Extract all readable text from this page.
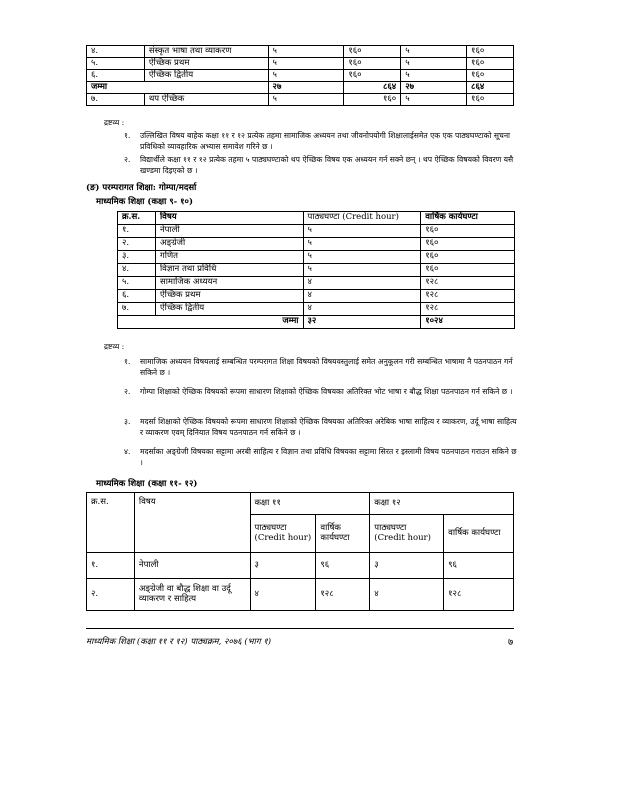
४.	संस्कृत भाषा तथा व्याकरण	५	१६०	५	१६०
५.	ऐच्छिक प्रथम	५	१६०	५	१६०
६.	ऐच्छिक द्वितीय	५	१६०	५	१६०
जम्मा		२७	८६४	२७	८६४
७.	थप ऐच्छिक	५	१६०	५	१६०
द्रष्टव्य :
१. उल्लिखित विषय बाहेक कक्षा ११ र १२ प्रत्येक तहमा सामाजिक अध्ययन तथा जीवनोपयोगी शिक्षालाईसमेत एक एक पाठ्यघण्टाको सूचना प्रविधिको व्यावहारिक अभ्यास समावेश गरिने छ ।
२. विद्यार्थीले कक्षा ११ र १२ प्रत्येक तहमा ५ पाठ्यघण्टाको थप ऐच्छिक विषय एक अध्ययन गर्न सक्ने छन् । थप ऐच्छिक विषयको विवरण यसै खण्डमा दिइएको छ ।
(ङ) परम्परागत शिक्षा: गोम्पा/मदर्सा
माध्यमिक शिक्षा (कक्षा ९- १०)
क्र.स.	विषय	पाठ्यघण्टा (Credit hour)	वार्षिक कार्यघण्टा
१.	नेपाली	५	१६०
२.	अङ्ग्रेजी	५	१६०
३.	गणित	५	१६०
४.	विज्ञान तथा प्रविधि	५	१६०
५.	सामाजिक अध्ययन	४	१२८
६.	ऐच्छिक प्रथम	४	१२८
७.	ऐच्छिक द्वितीय	४	१२८
जम्मा		३२	१०२४
द्रष्टव्य :
१. सामाजिक अध्ययन विषयलाई सम्बन्धित परम्परागत शिक्षा विषयको विषयवस्तुलाई समेत अनुकूलन गरी सम्बन्धित भाषामा नै पठनपाठन गर्न सकिने छ ।
२. गोम्पा शिक्षाको ऐच्छिक विषयको रूपमा साधारण शिक्षाको ऐच्छिक विषयका अतिरिक्त भोट भाषा र बौद्ध शिक्षा पठनपाठन गर्न सकिने छ ।
३. मदर्सा शिक्षाको ऐच्छिक विषयको रूपमा साधारण शिक्षाको ऐच्छिक विषयका अतिरिक्त अरेबिक भाषा साहित्य र व्याकरण, उर्दू भाषा साहित्य र व्याकरण एवम् दिनियात विषय पठनपाठन गर्न सकिने छ ।
४. मदर्साका अङ्ग्रेजी विषयका सट्टामा अरबी साहित्य र विज्ञान तथा प्रविधि विषयका सट्टामा सिरत र इस्लामी विषय पठनपाठन गराउन सकिने छ ।
माध्यमिक शिक्षा (कक्षा ११- १२)
क्र.स.	विषय	कक्षा ११		कक्षा १२	
		पाठ्यघण्टा (Credit hour)	वार्षिक कार्यघण्टा	पाठ्यघण्टा (Credit hour)	वार्षिक कार्यघण्टा
१.	नेपाली	३	९६	३	९६
२.	अङ्ग्रेजी वा बौद्ध शिक्षा वा उर्दू व्याकरण र साहित्य	४	१२८	४	१२८
माध्यमिक शिक्षा (कक्षा ११ र १२) पाठ्यक्रम, २०७६ (भाग १)	७
